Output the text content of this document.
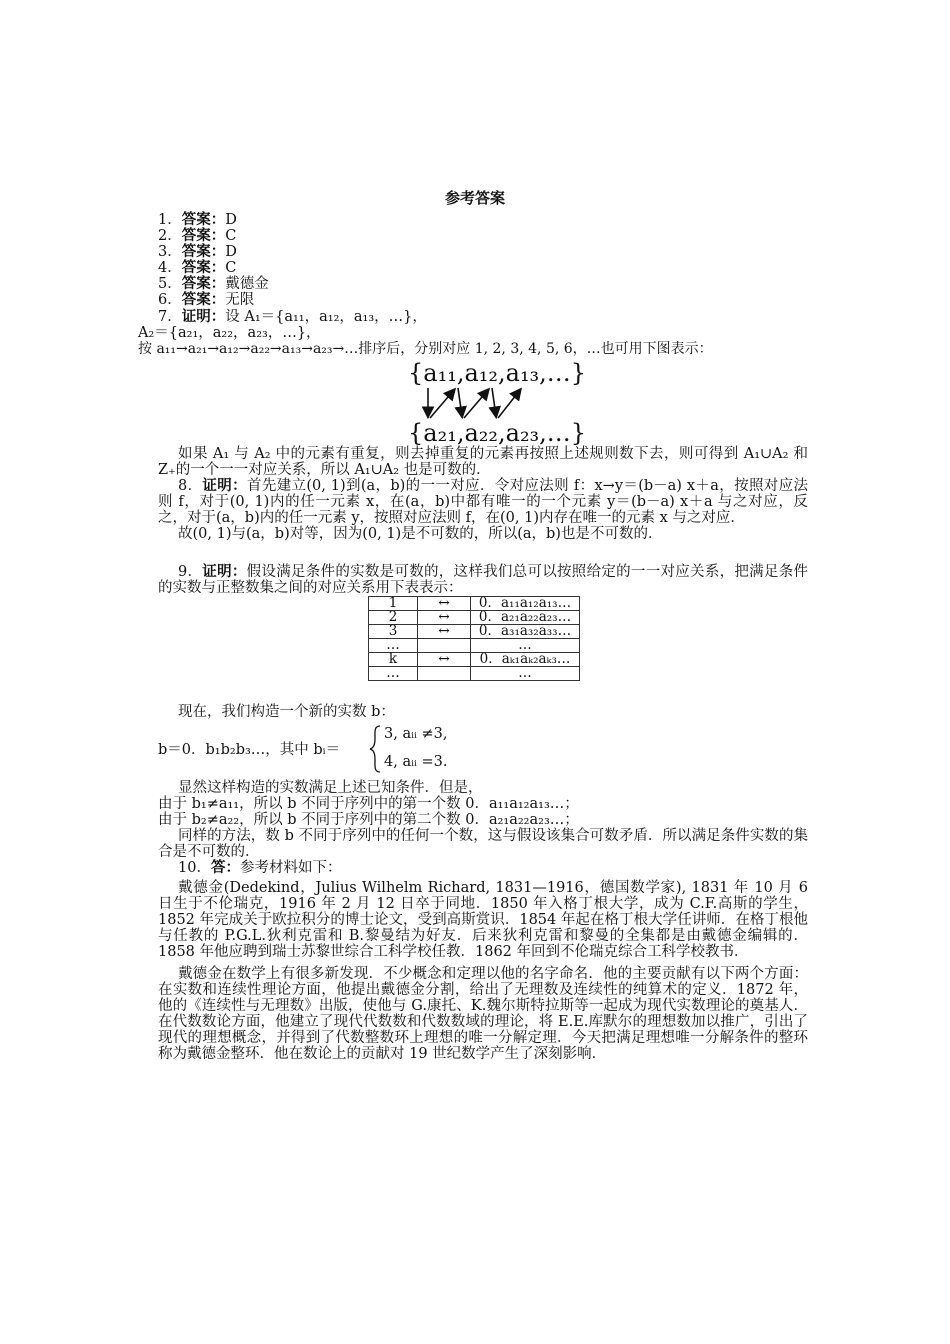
参考答案
1．答案：D
2．答案：C
3．答案：D
4．答案：C
5．答案：戴德金
6．答案：无限

7．证明：设 A₁＝{a₁₁，a₁₂，a₁₃，…}，

A₂＝{a₂₁，a₂₂，a₂₃，…}，

按 a₁₁→a₂₁→a₁₂→a₂₂→a₁₃→a₂₃→…排序后，分别对应 1, 2, 3, 4, 5, 6，…也可用下图表示：

{a₁₁,a₁₂,a₁₃,…}
{a₂₁,a₂₂,a₂₃,…}

如果 A₁ 与 A₂ 中的元素有重复，则去掉重复的元素再按照上述规则数下去，则可得到 A₁∪A₂ 和 Z₊的一个一一对应关系，所以 A₁∪A₂ 也是可数的．

8．证明：首先建立(0, 1)到(a，b)的一一对应．令对应法则 f：x→y＝(b－a) x＋a，按照对应法则 f，对于(0, 1)内的任一元素 x，在(a，b)中都有唯一的一个元素 y＝(b－a) x＋a 与之对应，反之，对于(a，b)内的任一元素 y，按照对应法则 f，在(0, 1)内存在唯一的元素 x 与之对应．

故(0, 1)与(a，b)对等，因为(0, 1)是不可数的，所以(a，b)也是不可数的．

9．证明：假设满足条件的实数是可数的，这样我们总可以按照给定的一一对应关系，把满足条件的实数与正整数集之间的对应关系用下表表示：

1	↔	0．a₁₁a₁₂a₁₃…
2	↔	0．a₂₁a₂₂a₂₃…
3	↔	0．a₃₁a₃₂a₃₃…
…		…
k	↔	0．aₖ₁aₖ₂aₖ₃…
…		…

现在，我们构造一个新的实数 b：

b＝0．b₁b₂b₃…，其中 bᵢ＝
3, aᵢᵢ ≠3,
4, aᵢᵢ =3.

显然这样构造的实数满足上述已知条件．但是，

由于 b₁≠a₁₁，所以 b 不同于序列中的第一个数 0．a₁₁a₁₂a₁₃…；

由于 b₂≠a₂₂，所以 b 不同于序列中的第二个数 0．a₂₁a₂₂a₂₃…；

同样的方法，数 b 不同于序列中的任何一个数，这与假设该集合可数矛盾．所以满足条件实数的集合是不可数的．

10．答：参考材料如下：

戴德金(Dedekind，Julius Wilhelm Richard, 1831—1916，德国数学家), 1831 年 10 月 6 日生于不伦瑞克，1916 年 2 月 12 日卒于同地．1850 年入格丁根大学，成为 C.F.高斯的学生，1852 年完成关于欧拉积分的博士论文，受到高斯赏识．1854 年起在格丁根大学任讲师．在格丁根他与任教的 P.G.L.狄利克雷和 B.黎曼结为好友．后来狄利克雷和黎曼的全集都是由戴德金编辑的．1858 年他应聘到瑞士苏黎世综合工科学校任教．1862 年回到不伦瑞克综合工科学校教书．

戴德金在数学上有很多新发现．不少概念和定理以他的名字命名．他的主要贡献有以下两个方面：在实数和连续性理论方面，他提出戴德金分割，给出了无理数及连续性的纯算术的定义．1872 年，他的《连续性与无理数》出版，使他与 G.康托、K.魏尔斯特拉斯等一起成为现代实数理论的奠基人．在代数数论方面，他建立了现代代数数和代数数域的理论，将 E.E.库默尔的理想数加以推广，引出了现代的理想概念，并得到了代数整数环上理想的唯一分解定理．今天把满足理想唯一分解条件的整环称为戴德金整环．他在数论上的贡献对 19 世纪数学产生了深刻影响．
